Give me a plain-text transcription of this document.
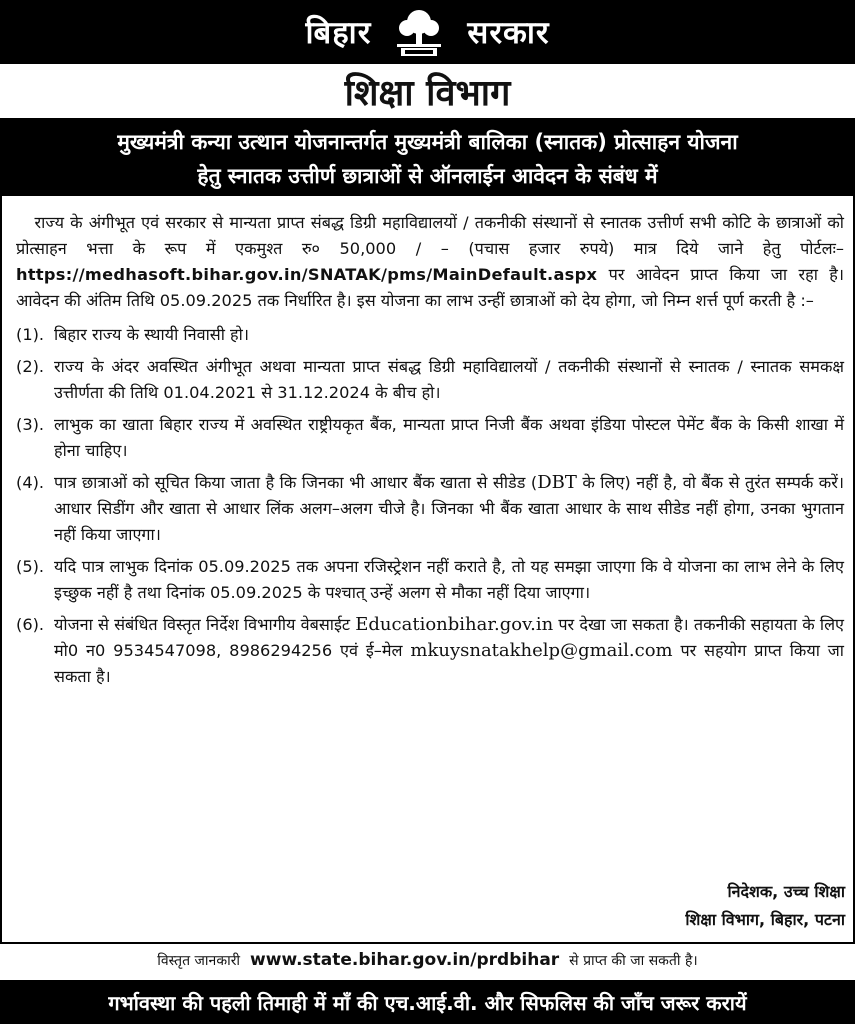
बिहार	सरकार
शिक्षा विभाग
मुख्यमंत्री कन्या उत्थान योजनान्तर्गत मुख्यमंत्री बालिका (स्नातक) प्रोत्साहन योजना
हेतु स्नातक उत्तीर्ण छात्राओं से ऑनलाईन आवेदन के संबंध में

राज्य के अंगीभूत एवं सरकार से मान्यता प्राप्त संबद्ध डिग्री महाविद्यालयों / तकनीकी संस्थानों से स्नातक उत्तीर्ण सभी कोटि के छात्राओं को प्रोत्साहन भत्ता के रूप में एकमुश्त रु० 50,000 / – (पचास हजार रुपये) मात्र दिये जाने हेतु पोर्टलः–https://medhasoft.bihar.gov.in/SNATAK/pms/MainDefault.aspx पर आवेदन प्राप्त किया जा रहा है। आवेदन की अंतिम तिथि 05.09.2025 तक निर्धारित है। इस योजना का लाभ उन्हीं छात्राओं को देय होगा, जो निम्न शर्त्त पूर्ण करती है :–

(1). बिहार राज्य के स्थायी निवासी हो।
(2). राज्य के अंदर अवस्थित अंगीभूत अथवा मान्यता प्राप्त संबद्ध डिग्री महाविद्यालयों / तकनीकी संस्थानों से स्नातक / स्नातक समकक्ष उत्तीर्णता की तिथि 01.04.2021 से 31.12.2024 के बीच हो।
(3). लाभुक का खाता बिहार राज्य में अवस्थित राष्ट्रीयकृत बैंक, मान्यता प्राप्त निजी बैंक अथवा इंडिया पोस्टल पेमेंट बैंक के किसी शाखा में होना चाहिए।
(4). पात्र छात्राओं को सूचित किया जाता है कि जिनका भी आधार बैंक खाता से सीडेड (DBT के लिए) नहीं है, वो बैंक से तुरंत सम्पर्क करें। आधार सिडींग और खाता से आधार लिंक अलग–अलग चीजे है। जिनका भी बैंक खाता आधार के साथ सीडेड नहीं होगा, उनका भुगतान नहीं किया जाएगा।
(5). यदि पात्र लाभुक दिनांक 05.09.2025 तक अपना रजिस्ट्रेशन नहीं कराते है, तो यह समझा जाएगा कि वे योजना का लाभ लेने के लिए इच्छुक नहीं है तथा दिनांक 05.09.2025 के पश्चात् उन्हें अलग से मौका नहीं दिया जाएगा।
(6). योजना से संबंधित विस्तृत निर्देश विभागीय वेबसाईट Educationbihar.gov.in पर देखा जा सकता है। तकनीकी सहायता के लिए मो0 न0 9534547098, 8986294256 एवं ई–मेल mkuysnatakhelp@gmail.com पर सहयोग प्राप्त किया जा सकता है।
निदेशक, उच्च शिक्षा
शिक्षा विभाग, बिहार, पटना
विस्तृत जानकारी www.state.bihar.gov.in/prdbihar से प्राप्त की जा सकती है।
गर्भावस्था की पहली तिमाही में माँ की एच.आई.वी. और सिफलिस की जाँच जरूर करायें
